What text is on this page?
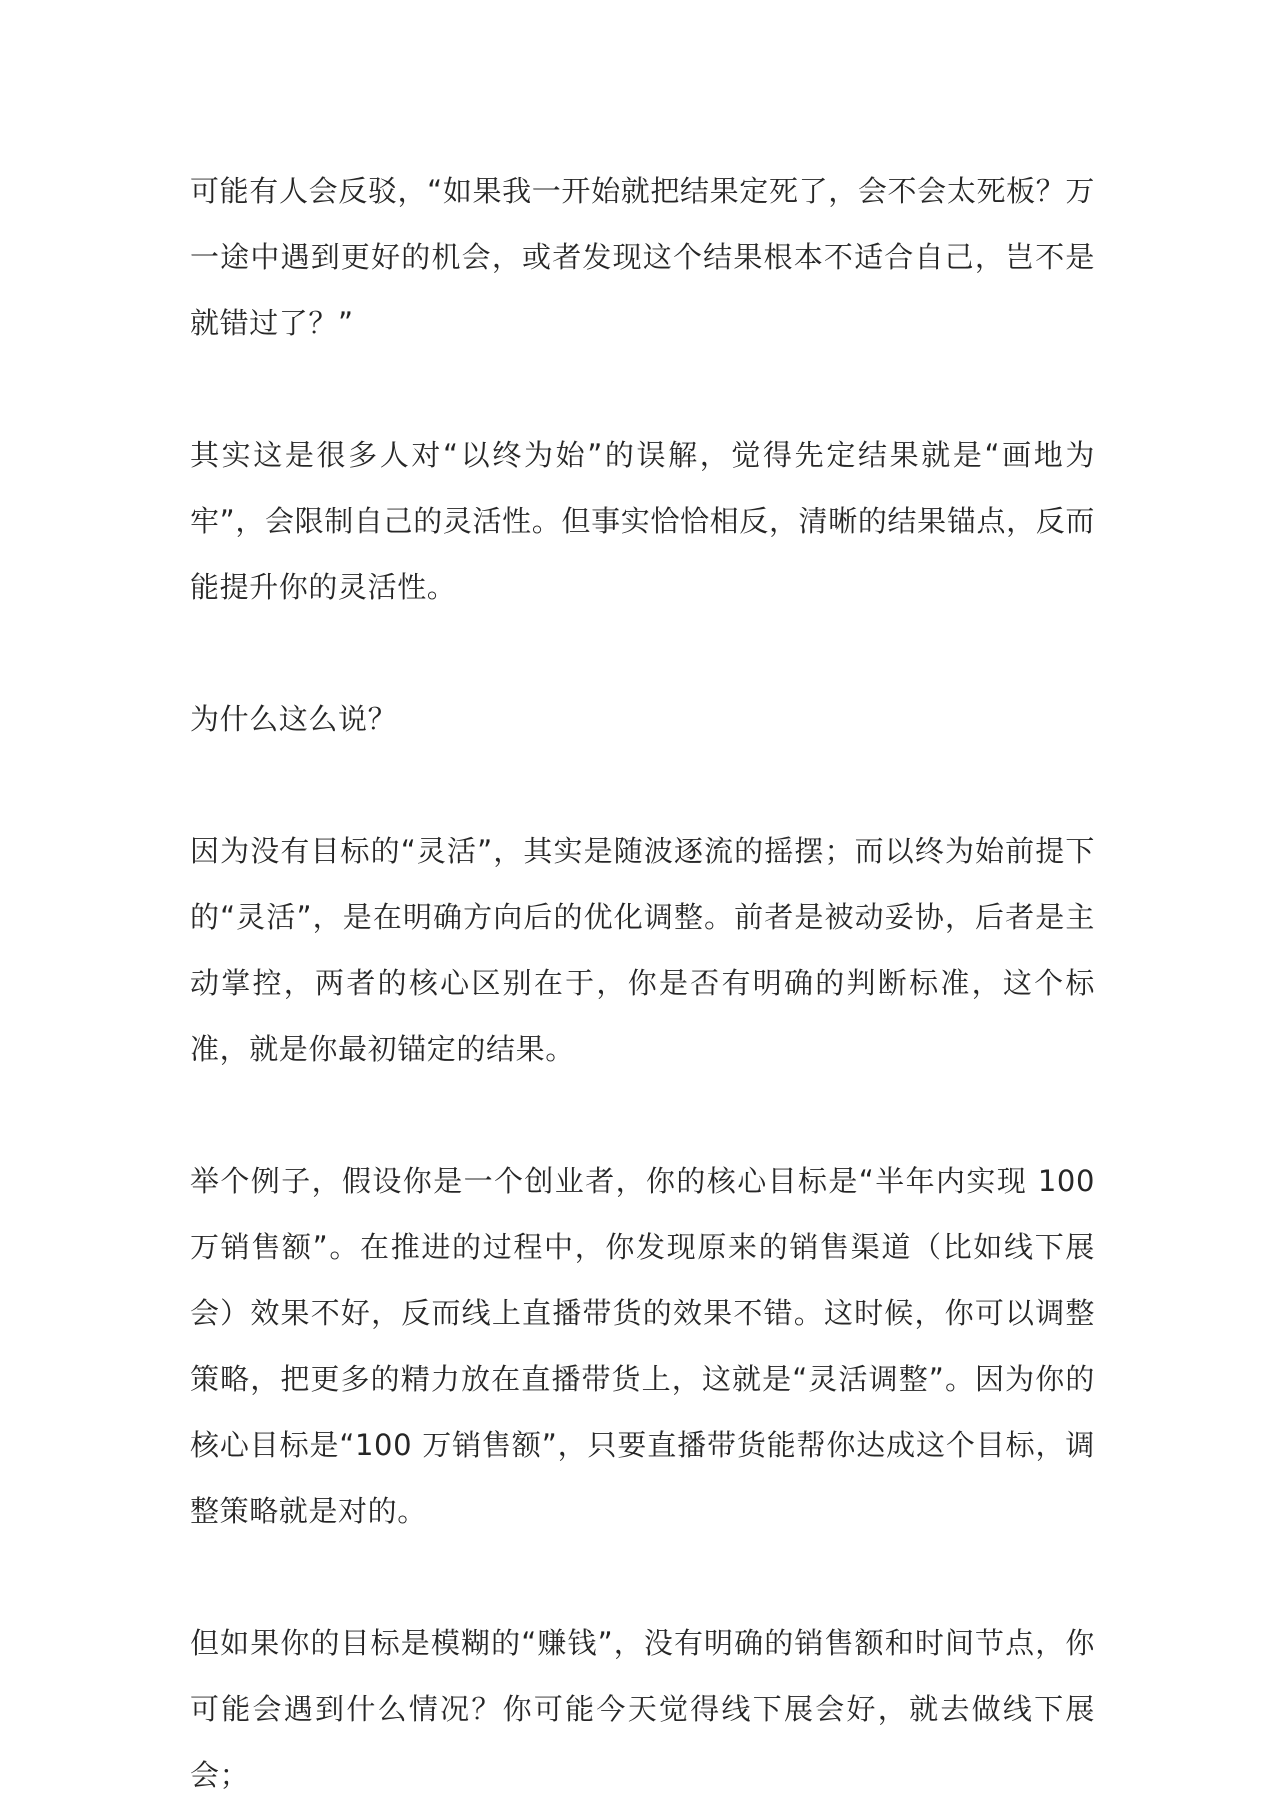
可能有人会反驳，“如果我一开始就把结果定死了，会不会太死板？万一途中遇到更好的机会，或者发现这个结果根本不适合自己，岂不是就错过了？”

其实这是很多人对“以终为始”的误解，觉得先定结果就是“画地为牢”，会限制自己的灵活性。但事实恰恰相反，清晰的结果锚点，反而能提升你的灵活性。

为什么这么说？

因为没有目标的“灵活”，其实是随波逐流的摇摆；而以终为始前提下的“灵活”，是在明确方向后的优化调整。前者是被动妥协，后者是主动掌控，两者的核心区别在于，你是否有明确的判断标准，这个标准，就是你最初锚定的结果。

举个例子，假设你是一个创业者，你的核心目标是“半年内实现 100 万销售额”。在推进的过程中，你发现原来的销售渠道（比如线下展会）效果不好，反而线上直播带货的效果不错。这时候，你可以调整策略，把更多的精力放在直播带货上，这就是“灵活调整”。因为你的核心目标是“100 万销售额”，只要直播带货能帮你达成这个目标，调整策略就是对的。

但如果你的目标是模糊的“赚钱”，没有明确的销售额和时间节点，你可能会遇到什么情况？你可能今天觉得线下展会好，就去做线下展会；
